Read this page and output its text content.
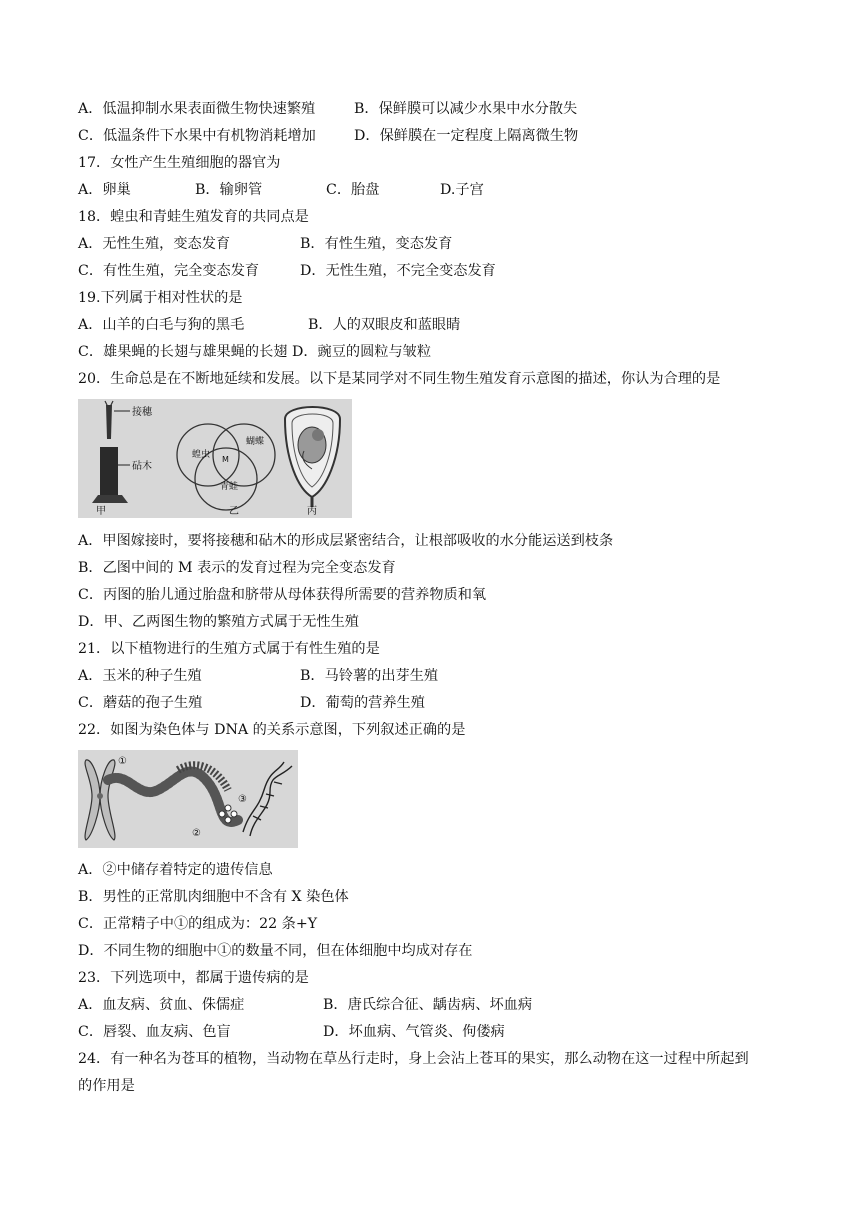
A．低温抑制水果表面微生物快速繁殖	B．保鲜膜可以减少水果中水分散失
C．低温条件下水果中有机物消耗增加	D．保鲜膜在一定程度上隔离微生物
17．女性产生生殖细胞的器官为
A．卵巢	B．输卵管	C．胎盘	D.子宫
18．蝗虫和青蛙生殖发育的共同点是
A．无性生殖，变态发育	B．有性生殖，变态发育
C．有性生殖，完全变态发育	D．无性生殖，不完全变态发育
19.下列属于相对性状的是
A．山羊的白毛与狗的黑毛	B．人的双眼皮和蓝眼睛
C．雄果蝇的长翅与雄果蝇的长翅 D．豌豆的圆粒与皱粒
20．生命总是在不断地延续和发展。以下是某同学对不同生物生殖发育示意图的描述，你认为合理的是
接穗
砧木
甲
蝗虫
蝴蝶
M
青蛙
乙	丙
A．甲图嫁接时，要将接穗和砧木的形成层紧密结合，让根部吸收的水分能运送到枝条
B．乙图中间的 M 表示的发育过程为完全变态发育
C．丙图的胎儿通过胎盘和脐带从母体获得所需要的营养物质和氧
D．甲、乙两图生物的繁殖方式属于无性生殖
21．以下植物进行的生殖方式属于有性生殖的是
A．玉米的种子生殖	B．马铃薯的出芽生殖
C．蘑菇的孢子生殖	D．葡萄的营养生殖
22．如图为染色体与 DNA 的关系示意图，下列叙述正确的是
①
③
②
A．②中储存着特定的遗传信息
B．男性的正常肌肉细胞中不含有 X 染色体
C．正常精子中①的组成为：22 条+Y
D．不同生物的细胞中①的数量不同，但在体细胞中均成对存在
23．下列选项中，都属于遗传病的是
A．血友病、贫血、侏儒症	B．唐氏综合征、龋齿病、坏血病
C．唇裂、血友病、色盲	D．坏血病、气管炎、佝偻病
24．有一种名为苍耳的植物，当动物在草丛行走时，身上会沾上苍耳的果实，那么动物在这一过程中所起到
的作用是
